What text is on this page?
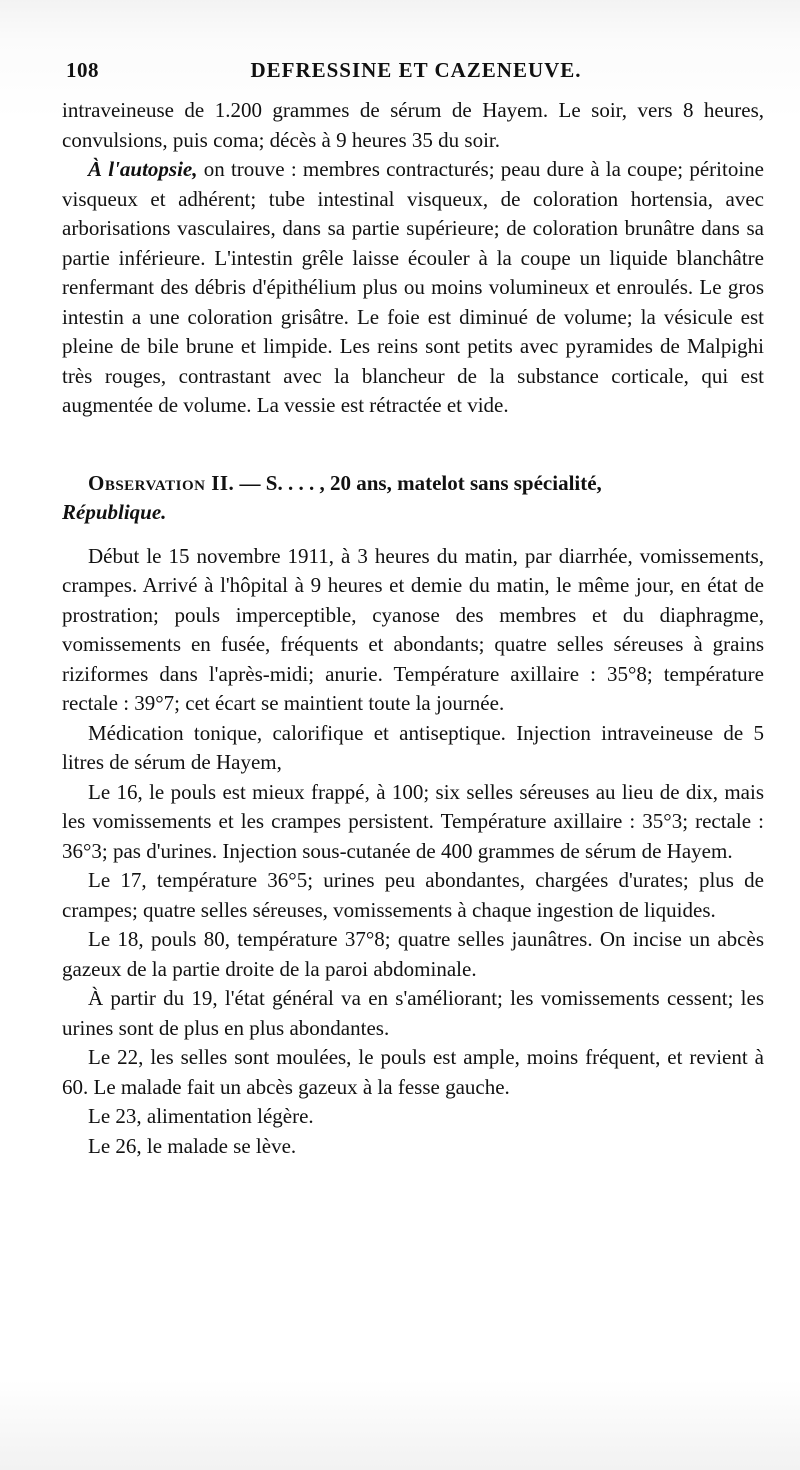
108	DEFRESSINE ET CAZENEUVE.

intraveineuse de 1.200 grammes de sérum de Hayem. Le soir, vers 8 heures, convulsions, puis coma; décès à 9 heures 35 du soir.

À l'autopsie, on trouve : membres contracturés; peau dure à la coupe; péritoine visqueux et adhérent; tube intestinal visqueux, de coloration hortensia, avec arborisations vasculaires, dans sa partie supérieure; de coloration brunâtre dans sa partie inférieure. L'intestin grêle laisse écouler à la coupe un liquide blanchâtre renfermant des débris d'épithélium plus ou moins volumineux et enroulés. Le gros intestin a une coloration grisâtre. Le foie est diminué de volume; la vésicule est pleine de bile brune et limpide. Les reins sont petits avec pyramides de Malpighi très rouges, contrastant avec la blancheur de la substance corticale, qui est augmentée de volume. La vessie est rétractée et vide.

Observation II. — S. . . . , 20 ans, matelot sans spécialité,
République.

Début le 15 novembre 1911, à 3 heures du matin, par diarrhée, vomissements, crampes. Arrivé à l'hôpital à 9 heures et demie du matin, le même jour, en état de prostration; pouls imperceptible, cyanose des membres et du diaphragme, vomissements en fusée, fréquents et abondants; quatre selles séreuses à grains riziformes dans l'après-midi; anurie. Température axillaire : 35°8; température rectale : 39°7; cet écart se maintient toute la journée.

Médication tonique, calorifique et antiseptique. Injection intraveineuse de 5 litres de sérum de Hayem,

Le 16, le pouls est mieux frappé, à 100; six selles séreuses au lieu de dix, mais les vomissements et les crampes persistent. Température axillaire : 35°3; rectale : 36°3; pas d'urines. Injection sous-cutanée de 400 grammes de sérum de Hayem.

Le 17, température 36°5; urines peu abondantes, chargées d'urates; plus de crampes; quatre selles séreuses, vomissements à chaque ingestion de liquides.

Le 18, pouls 80, température 37°8; quatre selles jaunâtres. On incise un abcès gazeux de la partie droite de la paroi abdominale.

À partir du 19, l'état général va en s'améliorant; les vomissements cessent; les urines sont de plus en plus abondantes.

Le 22, les selles sont moulées, le pouls est ample, moins fréquent, et revient à 60. Le malade fait un abcès gazeux à la fesse gauche.

Le 23, alimentation légère.

Le 26, le malade se lève.
